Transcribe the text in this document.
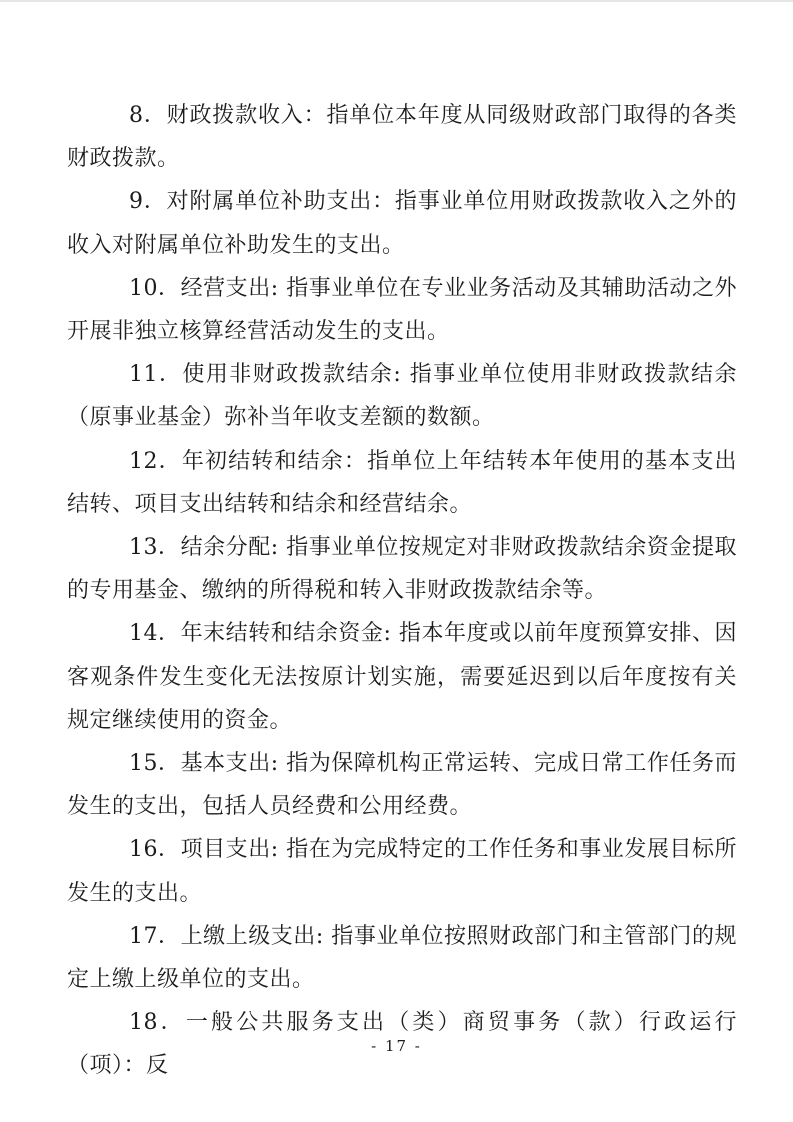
8．财政拨款收入：指单位本年度从同级财政部门取得的各类财政拨款。

9．对附属单位补助支出：指事业单位用财政拨款收入之外的收入对附属单位补助发生的支出。

10．经营支出: 指事业单位在专业业务活动及其辅助活动之外开展非独立核算经营活动发生的支出。

11．使用非财政拨款结余: 指事业单位使用非财政拨款结余（原事业基金）弥补当年收支差额的数额。

12．年初结转和结余：指单位上年结转本年使用的基本支出结转、项目支出结转和结余和经营结余。

13．结余分配: 指事业单位按规定对非财政拨款结余资金提取的专用基金、缴纳的所得税和转入非财政拨款结余等。

14．年末结转和结余资金: 指本年度或以前年度预算安排、因客观条件发生变化无法按原计划实施，需要延迟到以后年度按有关规定继续使用的资金。

15．基本支出: 指为保障机构正常运转、完成日常工作任务而发生的支出，包括人员经费和公用经费。

16．项目支出: 指在为完成特定的工作任务和事业发展目标所发生的支出。

17．上缴上级支出: 指事业单位按照财政部门和主管部门的规定上缴上级单位的支出。

18．一般公共服务支出（类）商贸事务（款）行政运行（项）：反

- 17 -
